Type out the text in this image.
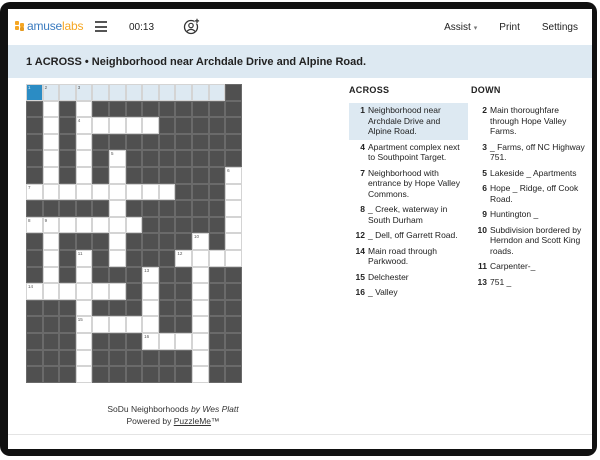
amuselabs	00:13	Assist ▾ Print Settings
1 ACROSS • Neighborhood near Archdale Drive and Alpine Road.
1	2	3
4
5
6
7
8	9
10
11	12
13
14
15
16
ACROSS
1 Neighborhood near Archdale Drive and Alpine Road.
4 Apartment complex next to Southpoint Target.
7 Neighborhood with entrance by Hope Valley Commons.
8 _ Creek, waterway in South Durham
12 _ Dell, off Garrett Road.
14 Main road through Parkwood.
15 Delchester
16 _ Valley
DOWN
2 Main thoroughfare through Hope Valley Farms.
3 _ Farms, off NC Highway 751.
5 Lakeside _ Apartments
6 Hope _ Ridge, off Cook Road.
9 Huntington _
10 Subdivision bordered by Herndon and Scott King roads.
11 Carpenter-_
13 751 _
SoDu Neighborhoods by Wes Platt
Powered by PuzzleMe™
